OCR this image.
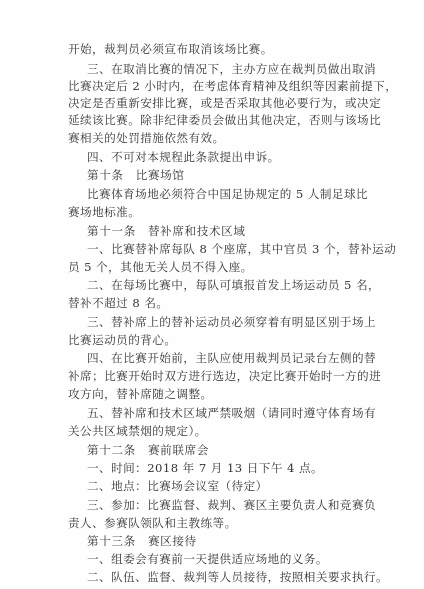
开始，裁判员必须宣布取消该场比赛。
三、在取消比赛的情况下，主办方应在裁判员做出取消
比赛决定后 2 小时内，在考虑体育精神及组织等因素前提下，
决定是否重新安排比赛，或是否采取其他必要行为，或决定
延续该比赛。除非纪律委员会做出其他决定，否则与该场比
赛相关的处罚措施依然有效。
四、不可对本规程此条款提出申诉。
第十条　比赛场馆
比赛体育场地必须符合中国足协规定的 5 人制足球比
赛场地标准。
第十一条　替补席和技术区域
一、比赛替补席每队 8 个座席，其中官员 3 个，替补运动
员 5 个，其他无关人员不得入座。
二、在每场比赛中，每队可填报首发上场运动员 5 名，
替补不超过 8 名。
三、替补席上的替补运动员必须穿着有明显区别于场上
比赛运动员的背心。
四、在比赛开始前，主队应使用裁判员记录台左侧的替
补席；比赛开始时双方进行选边，决定比赛开始时一方的进
攻方向，替补席随之调整。
五、替补席和技术区域严禁吸烟（请同时遵守体育场有
关公共区域禁烟的规定）。
第十二条　赛前联席会
一、时间：2018 年 7 月 13 日下午 4 点。
二、地点：比赛场会议室（待定）
三、参加：比赛监督、裁判、赛区主要负责人和竞赛负
责人、参赛队领队和主教练等。
第十三条　赛区接待
一、组委会有赛前一天提供适应场地的义务。
二、队伍、监督、裁判等人员接待，按照相关要求执行。
